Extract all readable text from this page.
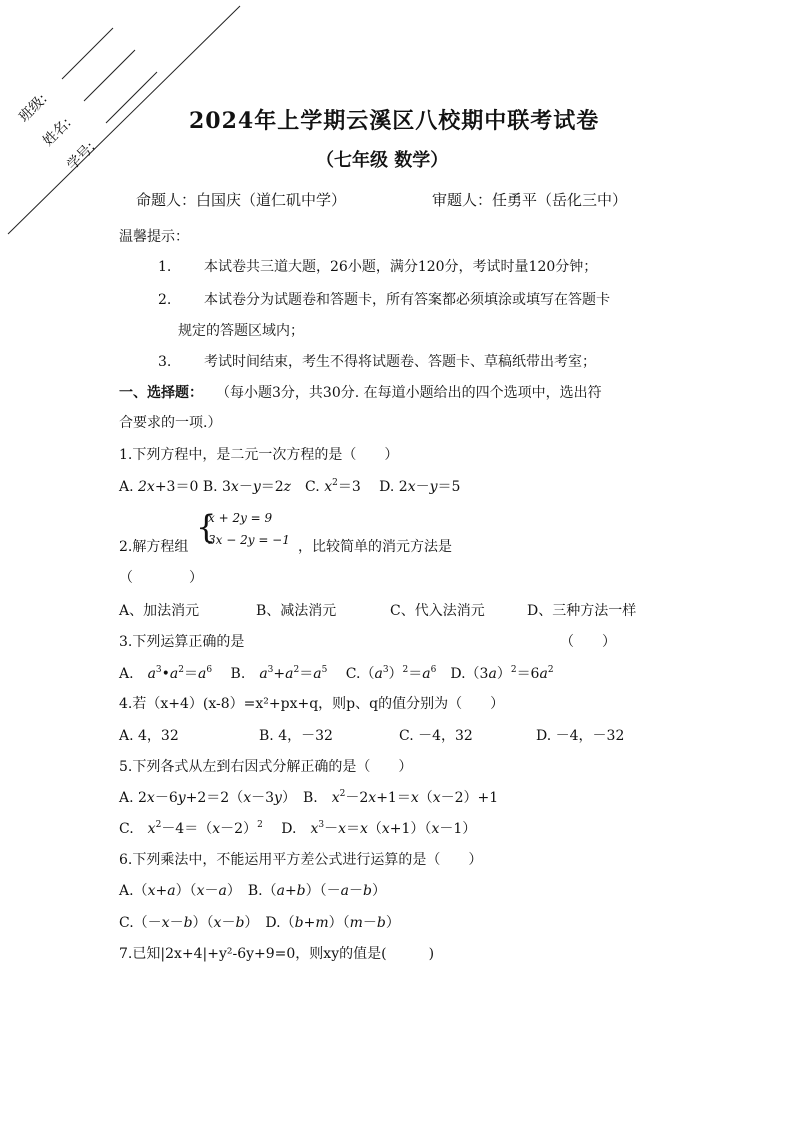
班级:
姓名:
学号:
2024年上学期云溪区八校期中联考试卷
（七年级 数学）
命题人：白国庆（道仁矶中学）	审题人：任勇平（岳化三中）
温馨提示：
1. 本试卷共三道大题，26小题，满分120分，考试时量120分钟；
2. 本试卷分为试题卷和答题卡，所有答案都必须填涂或填写在答题卡
规定的答题区域内；
3. 考试时间结束，考生不得将试题卷、答题卡、草稿纸带出考室；
一、选择题： （每小题3分，共30分. 在每道小题给出的四个选项中，选出符
合要求的一项.）
1.下列方程中，是二元一次方程的是（　　）
A. 2x+3＝0 B. 3x－y＝2z　C. $x^2=3$　 D. 2x－y＝5
{
x + 2y = 9
3x − 2y = −1
2.解方程组	，比较简单的消元方法是
（　　　　）
A、加法消元	B、减法消元	C、代入法消元	D、三种方法一样
3.下列运算正确的是	（　　）
A.　$a^3•a^2=a^6$　 B.　$a^3+a^2=a^5$　 $C.(a^3)^2=a^6$　$D.(3a)^2=6a^2$
4.若（x+4）(x-8）=x²+px+q，则p、q的值分别为（　　）
A. 4，32	B. 4，－32	C. －4，32	D. －4，－32
5.下列各式从左到右因式分解正确的是（　　）
A. 2x－6y+2＝2（x－3y）　B.　$x^2-2x+1=x(x-2)+1$
C.　$x^2-4=(x-2)^2$　 D.　$x^3-x=x(x+1)(x-1)$
6.下列乘法中，不能运用平方差公式进行运算的是（　　）
A.（x+a）（x－a）　B.（a+b）（－a－b）
C.（－x－b）（x－b）　D.（b+m）（m－b）
7.已知|2x+4|+y²-6y+9=0，则xy的值是(　　　)
